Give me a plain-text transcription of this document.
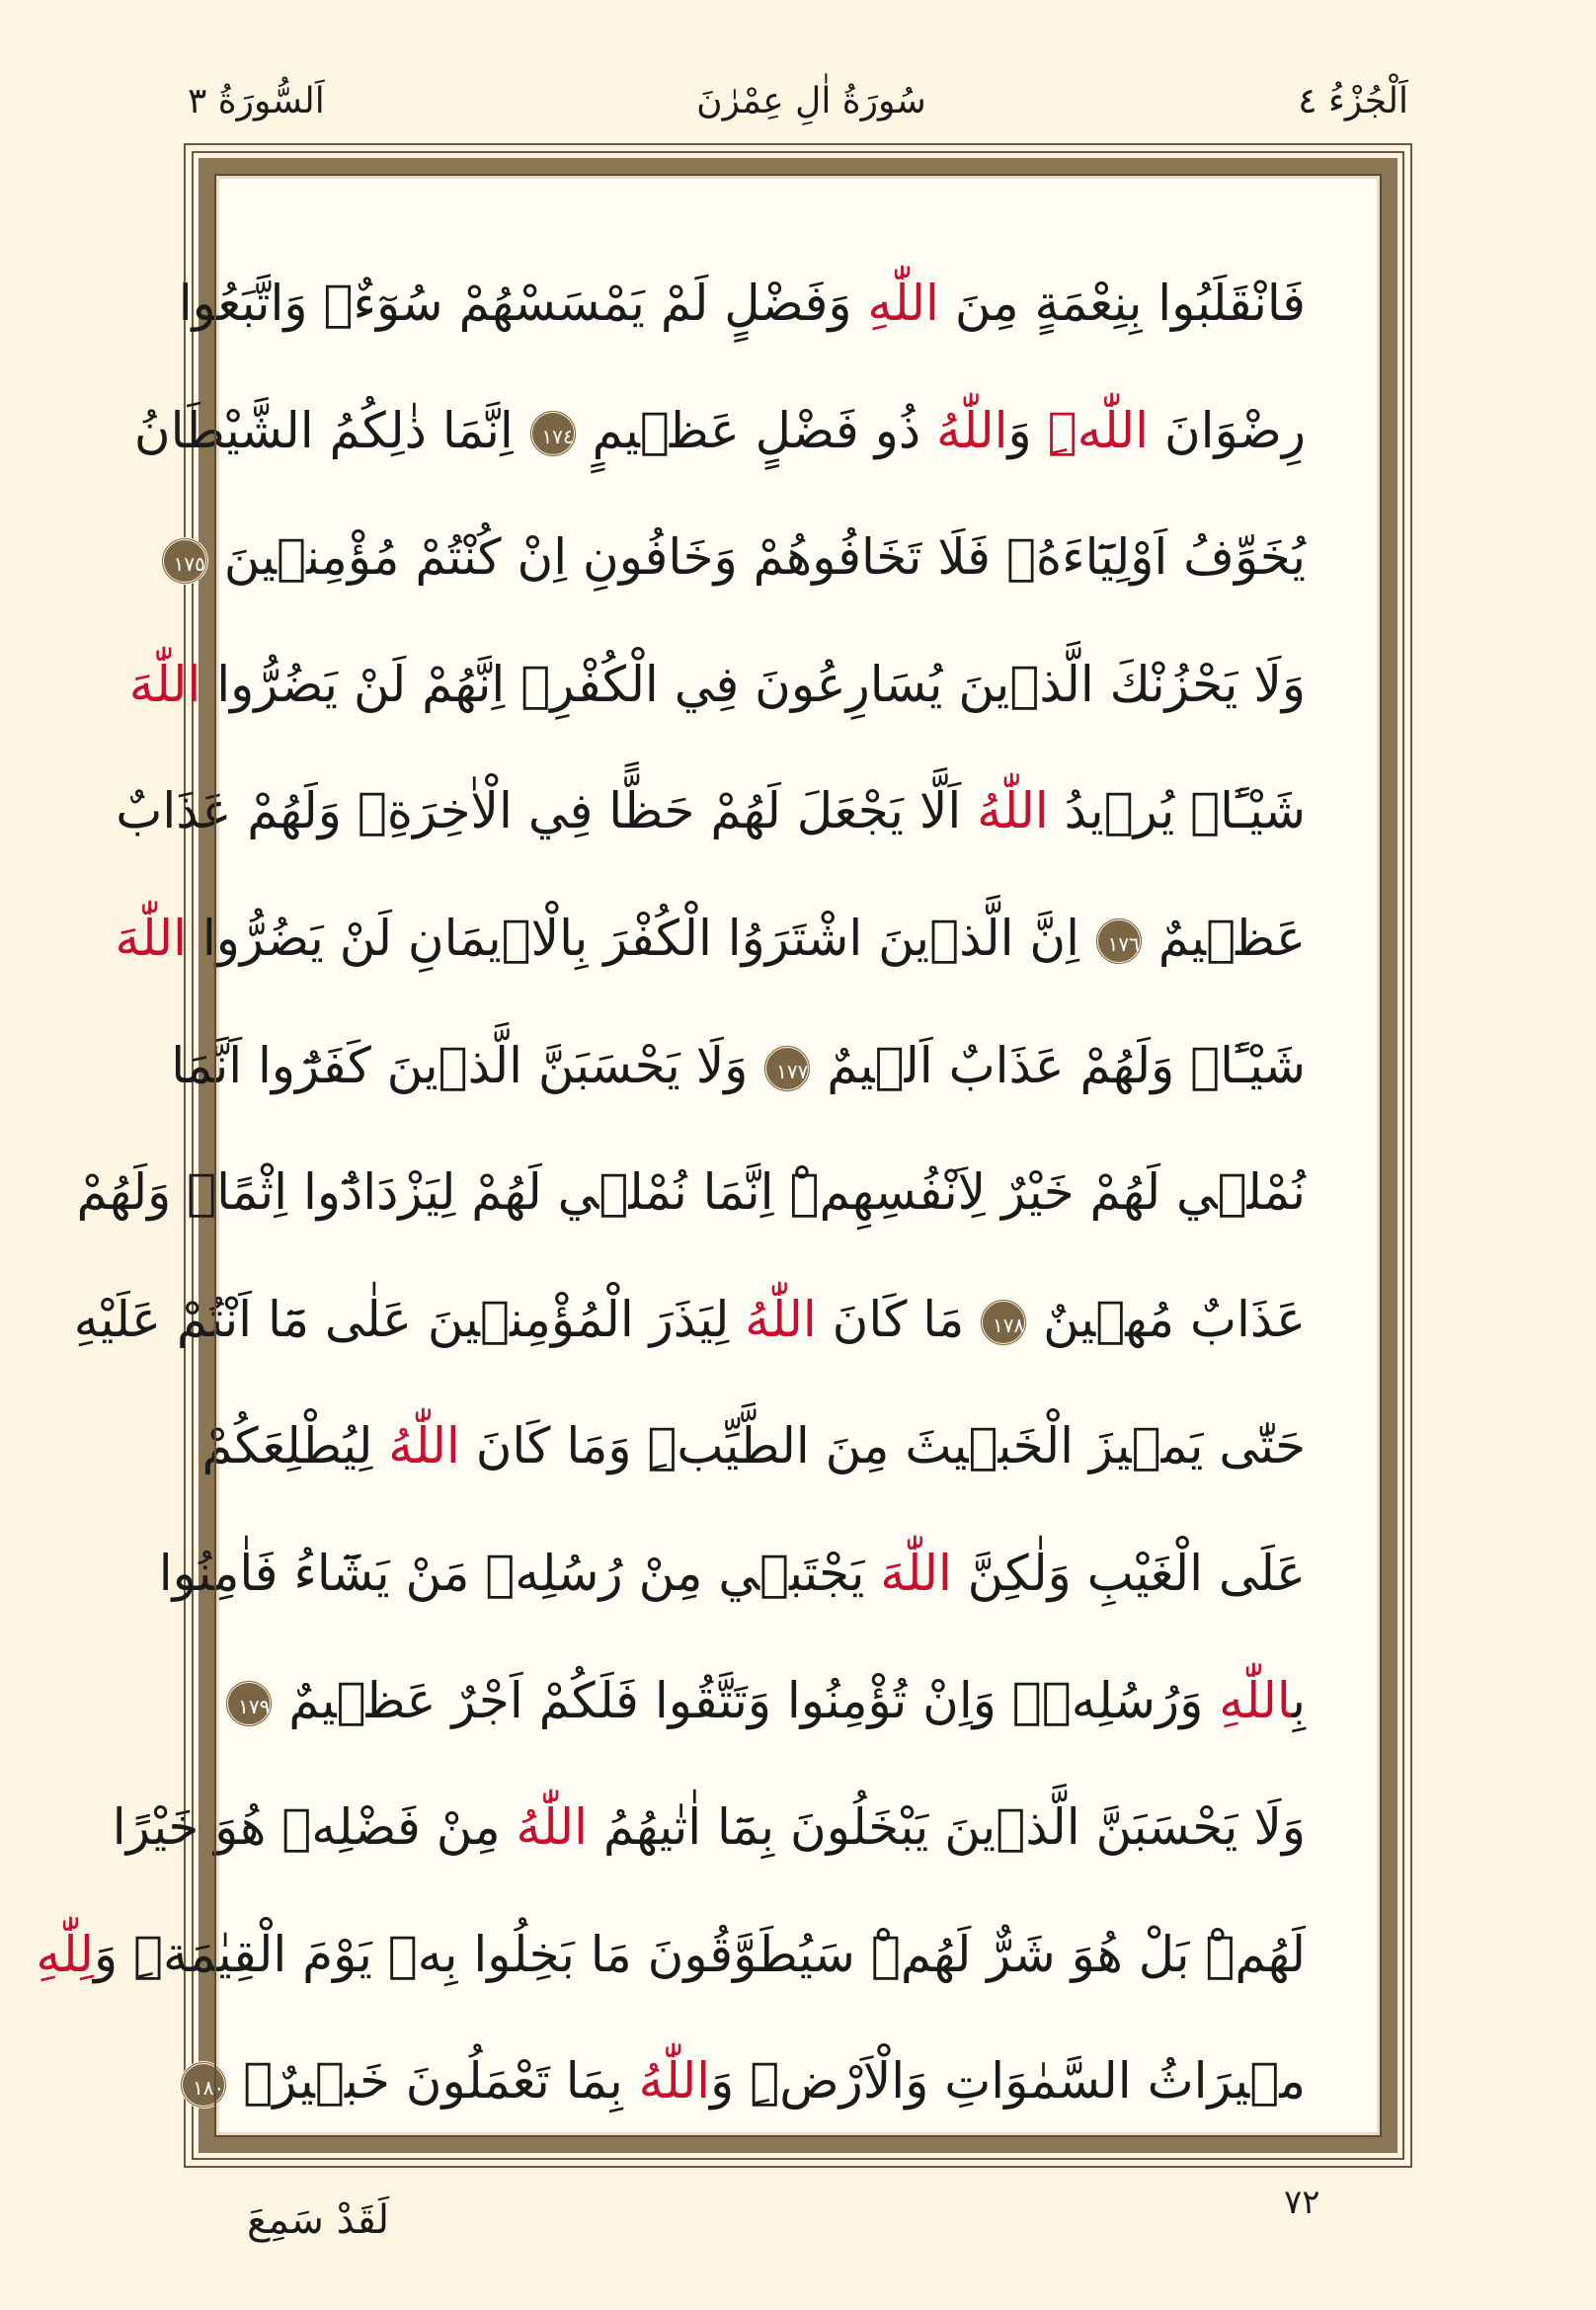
اَلْجُزْءُ ٤
سُورَةُ اٰلِ عِمْرٰنَ
اَلسُّورَةُ ٣
فَانْقَلَبُوا بِنِعْمَةٍ مِنَ اللّٰهِ وَفَضْلٍ لَمْ يَمْسَسْهُمْ سُوٓءٌۙ وَاتَّبَعُوا
رِضْوَانَ اللّٰهِۜ وَاللّٰهُ ذُو فَضْلٍ عَظ۪يمٍ ١٧٤ اِنَّمَا ذٰلِكُمُ الشَّيْطَانُ
يُخَوِّفُ اَوْلِيَٓاءَهُۖ فَلَا تَخَافُوهُمْ وَخَافُونِ اِنْ كُنْتُمْ مُؤْمِن۪ينَ ١٧٥
وَلَا يَحْزُنْكَ الَّذ۪ينَ يُسَارِعُونَ فِي الْكُفْرِۚ اِنَّهُمْ لَنْ يَضُرُّوا اللّٰهَ
شَيْـًٔاۜ يُر۪يدُ اللّٰهُ اَلَّا يَجْعَلَ لَهُمْ حَظًّا فِي الْاٰخِرَةِۚ وَلَهُمْ عَذَابٌ
عَظ۪يمٌ ١٧٦ اِنَّ الَّذ۪ينَ اشْتَرَوُا الْكُفْرَ بِالْا۪يمَانِ لَنْ يَضُرُّوا اللّٰهَ
شَيْـًٔاۚ وَلَهُمْ عَذَابٌ اَل۪يمٌ ١٧٧ وَلَا يَحْسَبَنَّ الَّذ۪ينَ كَفَرُٓوا اَنَّمَا
نُمْل۪ي لَهُمْ خَيْرٌ لِاَنْفُسِهِمْۜ اِنَّمَا نُمْل۪ي لَهُمْ لِيَزْدَادُٓوا اِثْمًاۚ وَلَهُمْ
عَذَابٌ مُه۪ينٌ ١٧٨ مَا كَانَ اللّٰهُ لِيَذَرَ الْمُؤْمِن۪ينَ عَلٰى مَٓا اَنْتُمْ عَلَيْهِ
حَتّٰى يَم۪يزَ الْخَب۪يثَ مِنَ الطَّيِّبِۜ وَمَا كَانَ اللّٰهُ لِيُطْلِعَكُمْ
عَلَى الْغَيْبِ وَلٰكِنَّ اللّٰهَ يَجْتَب۪ي مِنْ رُسُلِه۪ مَنْ يَشَٓاءُ فَاٰمِنُوا
بِاللّٰهِ وَرُسُلِه۪ۚ وَاِنْ تُؤْمِنُوا وَتَتَّقُوا فَلَكُمْ اَجْرٌ عَظ۪يمٌ ١٧٩
وَلَا يَحْسَبَنَّ الَّذ۪ينَ يَبْخَلُونَ بِمَٓا اٰتٰيهُمُ اللّٰهُ مِنْ فَضْلِه۪ هُوَ خَيْرًا
لَهُمْۜ بَلْ هُوَ شَرٌّ لَهُمْۜ سَيُطَوَّقُونَ مَا بَخِلُوا بِه۪ يَوْمَ الْقِيٰمَةِۜ وَلِلّٰهِ
م۪يرَاثُ السَّمٰوَاتِ وَالْاَرْضِۜ وَاللّٰهُ بِمَا تَعْمَلُونَ خَب۪يرٌ۟ ١٨٠
٧٢
لَقَدْ سَمِعَ
